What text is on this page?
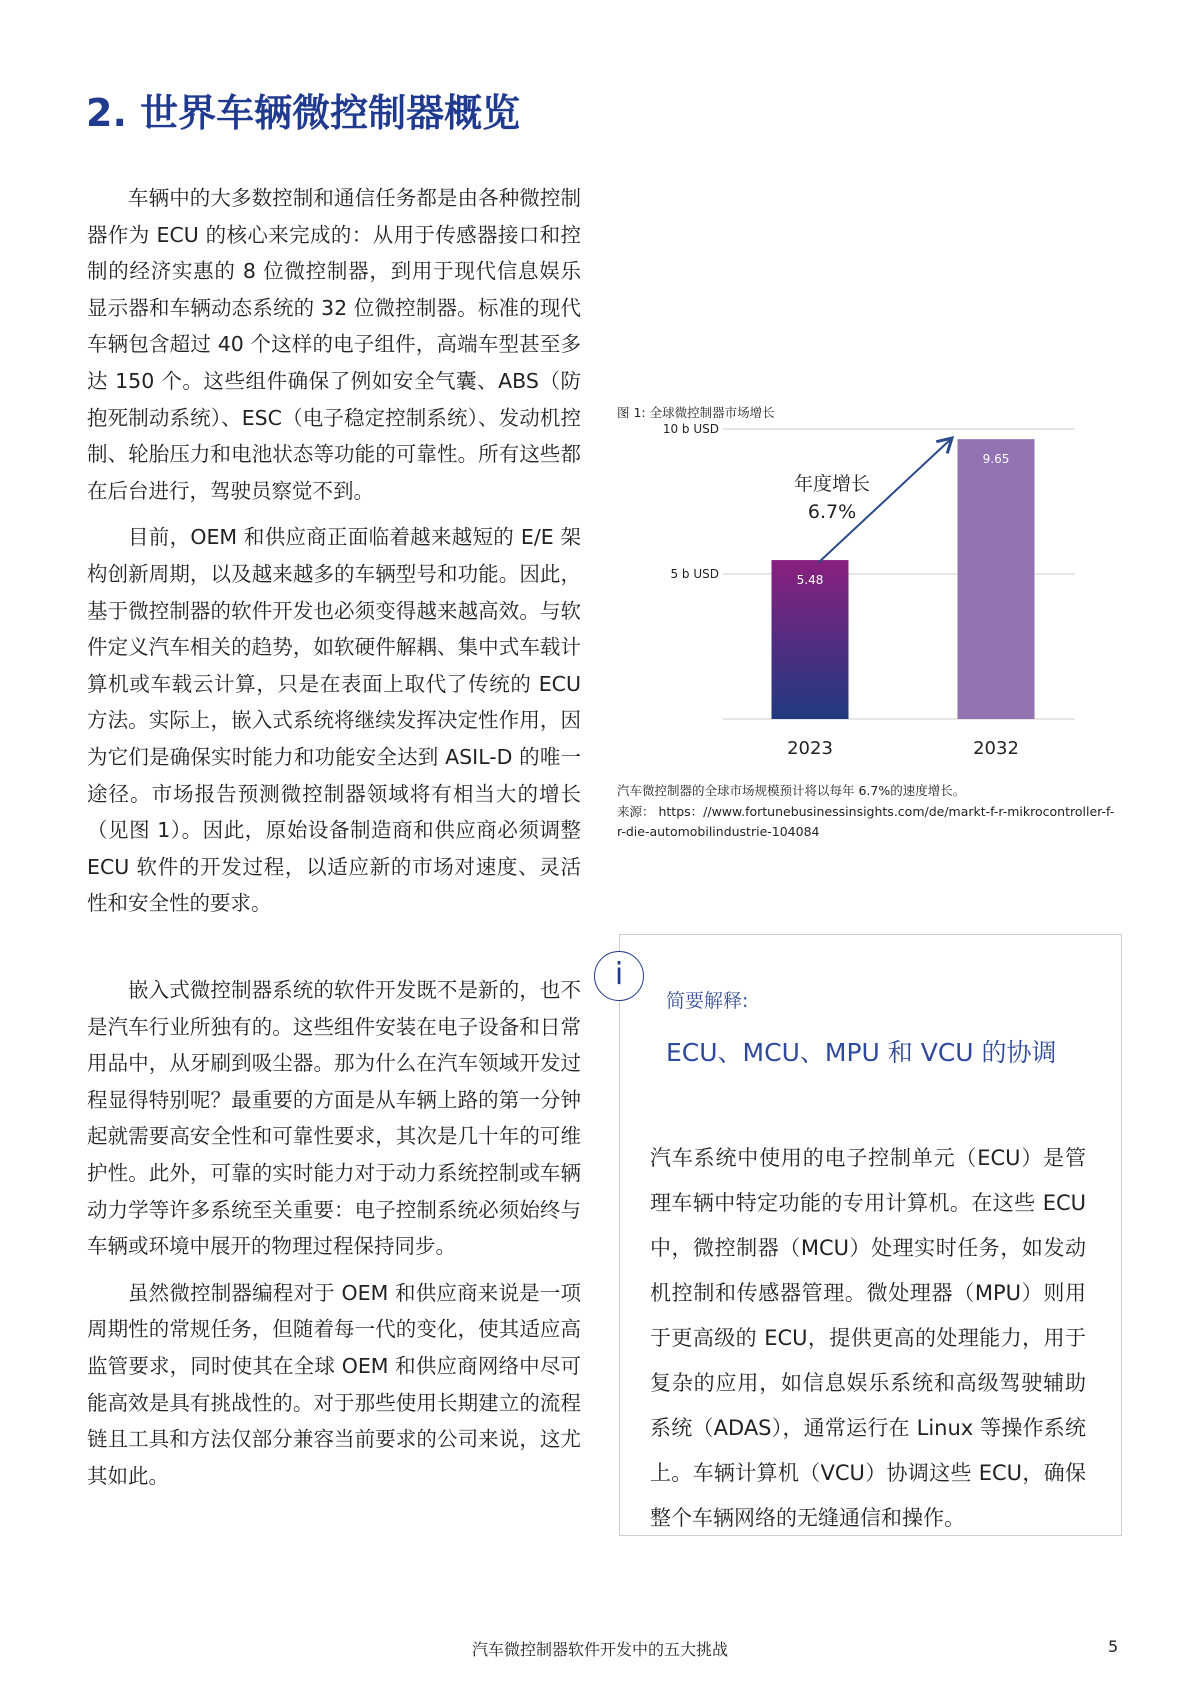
2. 世界车辆微控制器概览

车辆中的大多数控制和通信任务都是由各种微控制器作为 ECU 的核心来完成的：从用于传感器接口和控制的经济实惠的 8 位微控制器，到用于现代信息娱乐显示器和车辆动态系统的 32 位微控制器。标准的现代车辆包含超过 40 个这样的电子组件，高端车型甚至多达 150 个。这些组件确保了例如安全气囊、ABS（防抱死制动系统）、ESC（电子稳定控制系统）、发动机控制、轮胎压力和电池状态等功能的可靠性。所有这些都在后台进行，驾驶员察觉不到。

目前，OEM 和供应商正面临着越来越短的 E/E 架构创新周期，以及越来越多的车辆型号和功能。因此，基于微控制器的软件开发也必须变得越来越高效。与软件定义汽车相关的趋势，如软硬件解耦、集中式车载计算机或车载云计算，只是在表面上取代了传统的 ECU 方法。实际上，嵌入式系统将继续发挥决定性作用，因为它们是确保实时能力和功能安全达到 ASIL-D 的唯一途径。市场报告预测微控制器领域将有相当大的增长（见图 1）。因此，原始设备制造商和供应商必须调整 ECU 软件的开发过程，以适应新的市场对速度、灵活性和安全性的要求。

嵌入式微控制器系统的软件开发既不是新的，也不是汽车行业所独有的。这些组件安装在电子设备和日常用品中，从牙刷到吸尘器。那为什么在汽车领域开发过程显得特别呢？最重要的方面是从车辆上路的第一分钟起就需要高安全性和可靠性要求，其次是几十年的可维护性。此外，可靠的实时能力对于动力系统控制或车辆动力学等许多系统至关重要：电子控制系统必须始终与车辆或环境中展开的物理过程保持同步。

虽然微控制器编程对于 OEM 和供应商来说是一项周期性的常规任务，但随着每一代的变化，使其适应高监管要求，同时使其在全球 OEM 和供应商网络中尽可能高效是具有挑战性的。对于那些使用长期建立的流程链且工具和方法仅部分兼容当前要求的公司来说，这尤其如此。

图 1: 全球微控制器市场增长
年度增长
6.7%
5 b USD
10 b USD
5.48
2023
9.65
2032
汽车微控制器的全球市场规模预计将以每年 6.7%的速度增长。
来源： https：//www.fortunebusinessinsights.com/de/markt-f-r-mikrocontroller-f-r-die-automobilindustrie-104084
i
简要解释:
ECU、MCU、MPU 和 VCU 的协调
汽车系统中使用的电子控制单元（ECU）是管理车辆中特定功能的专用计算机。在这些 ECU 中，微控制器（MCU）处理实时任务，如发动机控制和传感器管理。微处理器（MPU）则用于更高级的 ECU，提供更高的处理能力，用于复杂的应用，如信息娱乐系统和高级驾驶辅助系统（ADAS），通常运行在 Linux 等操作系统上。车辆计算机（VCU）协调这些 ECU，确保整个车辆网络的无缝通信和操作。
汽车微控制器软件开发中的五大挑战	5
